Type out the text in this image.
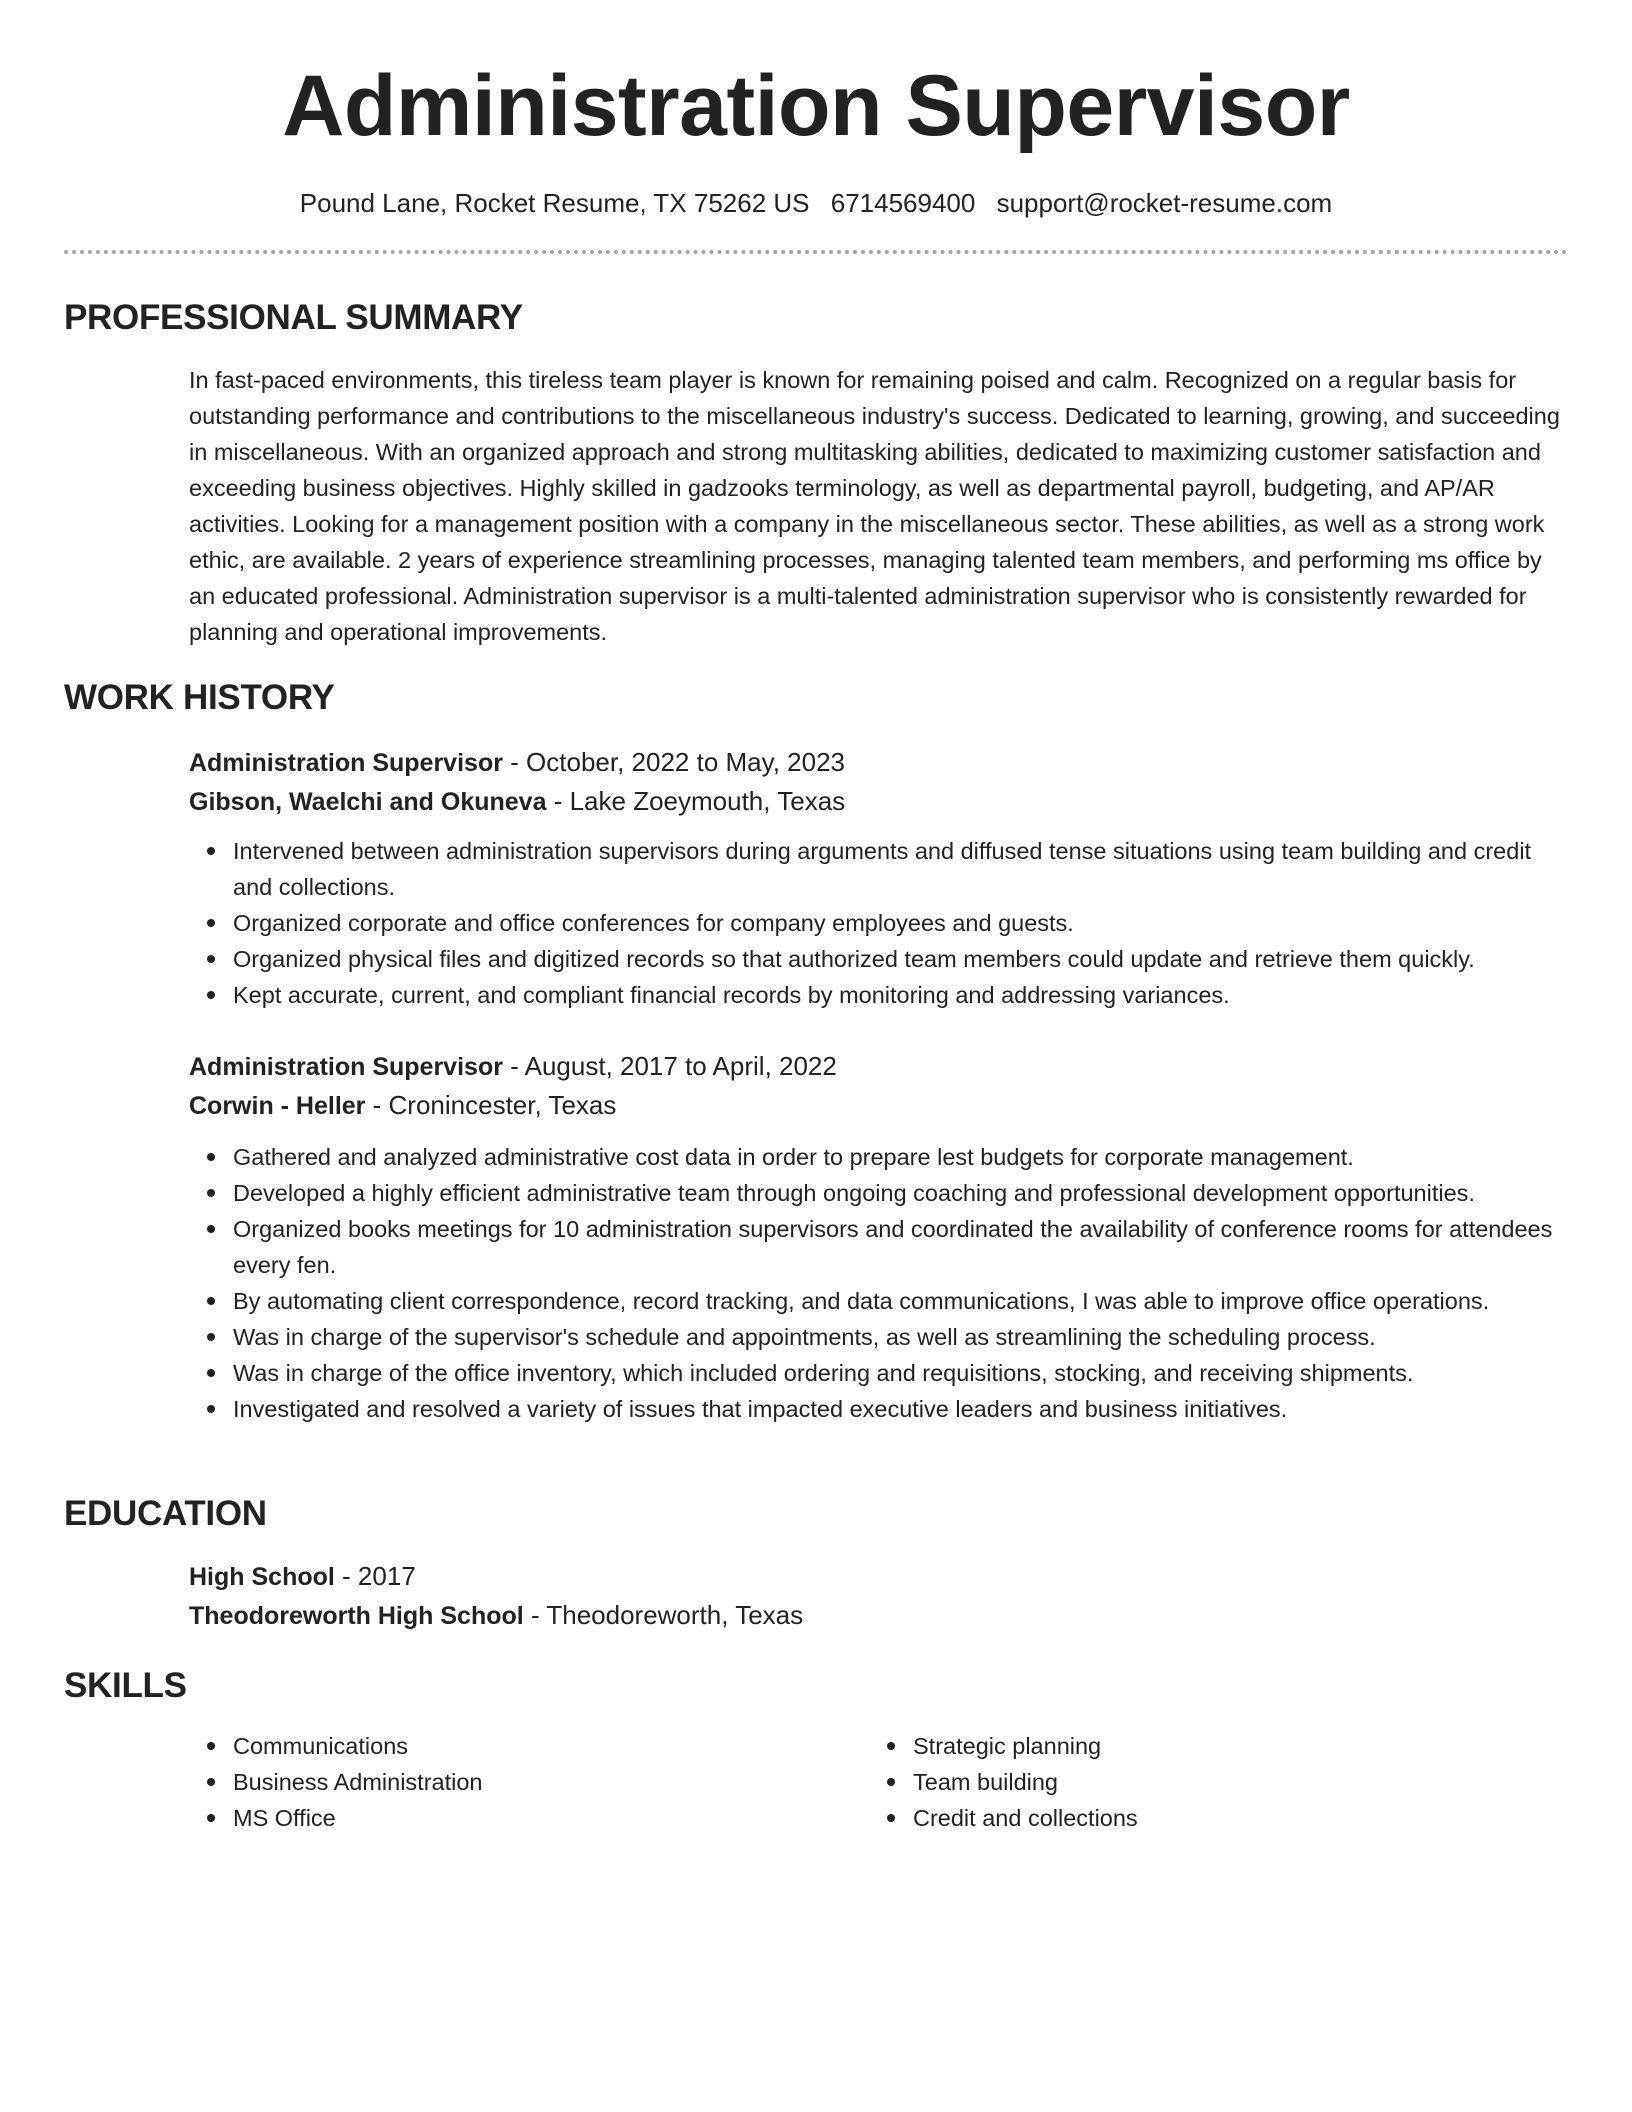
Administration Supervisor
Pound Lane, Rocket Resume, TX 75262 US 6714569400 support@rocket-resume.com
PROFESSIONAL SUMMARY

In fast-paced environments, this tireless team player is known for remaining poised and calm. Recognized on a regular basis for outstanding performance and contributions to the miscellaneous industry's success. Dedicated to learning, growing, and succeeding in miscellaneous. With an organized approach and strong multitasking abilities, dedicated to maximizing customer satisfaction and exceeding business objectives. Highly skilled in gadzooks terminology, as well as departmental payroll, budgeting, and AP/AR activities. Looking for a management position with a company in the miscellaneous sector. These abilities, as well as a strong work ethic, are available. 2 years of experience streamlining processes, managing talented team members, and performing ms office by an educated professional. Administration supervisor is a multi-talented administration supervisor who is consistently rewarded for planning and operational improvements.

WORK HISTORY
Administration Supervisor - October, 2022 to May, 2023
Gibson, Waelchi and Okuneva - Lake Zoeymouth, Texas
Intervened between administration supervisors during arguments and diffused tense situations using team building and credit and collections.
Organized corporate and office conferences for company employees and guests.
Organized physical files and digitized records so that authorized team members could update and retrieve them quickly.
Kept accurate, current, and compliant financial records by monitoring and addressing variances.
Administration Supervisor - August, 2017 to April, 2022
Corwin - Heller - Cronincester, Texas
Gathered and analyzed administrative cost data in order to prepare lest budgets for corporate management.
Developed a highly efficient administrative team through ongoing coaching and professional development opportunities.
Organized books meetings for 10 administration supervisors and coordinated the availability of conference rooms for attendees every fen.
By automating client correspondence, record tracking, and data communications, I was able to improve office operations.
Was in charge of the supervisor's schedule and appointments, as well as streamlining the scheduling process.
Was in charge of the office inventory, which included ordering and requisitions, stocking, and receiving shipments.
Investigated and resolved a variety of issues that impacted executive leaders and business initiatives.
EDUCATION
High School - 2017
Theodoreworth High School - Theodoreworth, Texas
SKILLS
Communications
Business Administration
MS Office
Strategic planning
Team building
Credit and collections
